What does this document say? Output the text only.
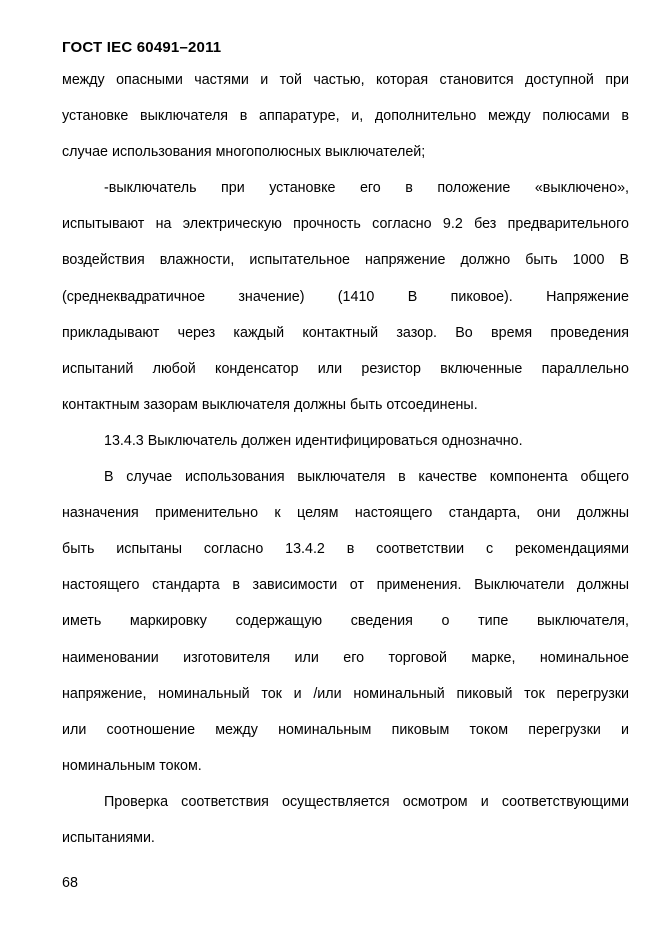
ГОСТ IEC 60491–2011
между опасными частями и той частью, которая становится доступной при
установке выключателя в аппаратуре, и, дополнительно между полюсами в
случае использования многополюсных выключателей;
-выключатель при установке его в положение «выключено»,
испытывают на электрическую прочность согласно 9.2 без предварительного
воздействия влажности, испытательное напряжение должно быть 1000 В
(среднеквадратичное значение) (1410 В пиковое). Напряжение
прикладывают через каждый контактный зазор. Во время проведения
испытаний любой конденсатор или резистор включенные параллельно
контактным зазорам выключателя должны быть отсоединены.
13.4.3 Выключатель должен идентифицироваться однозначно.
В случае использования выключателя в качестве компонента общего
назначения применительно к целям настоящего стандарта, они должны
быть испытаны согласно 13.4.2 в соответствии с рекомендациями
настоящего стандарта в зависимости от применения. Выключатели должны
иметь маркировку содержащую сведения о типе выключателя,
наименовании изготовителя или его торговой марке, номинальное
напряжение, номинальный ток и /или номинальный пиковый ток перегрузки
или соотношение между номинальным пиковым током перегрузки и
номинальным током.
Проверка соответствия осуществляется осмотром и соответствующими
испытаниями.
68
